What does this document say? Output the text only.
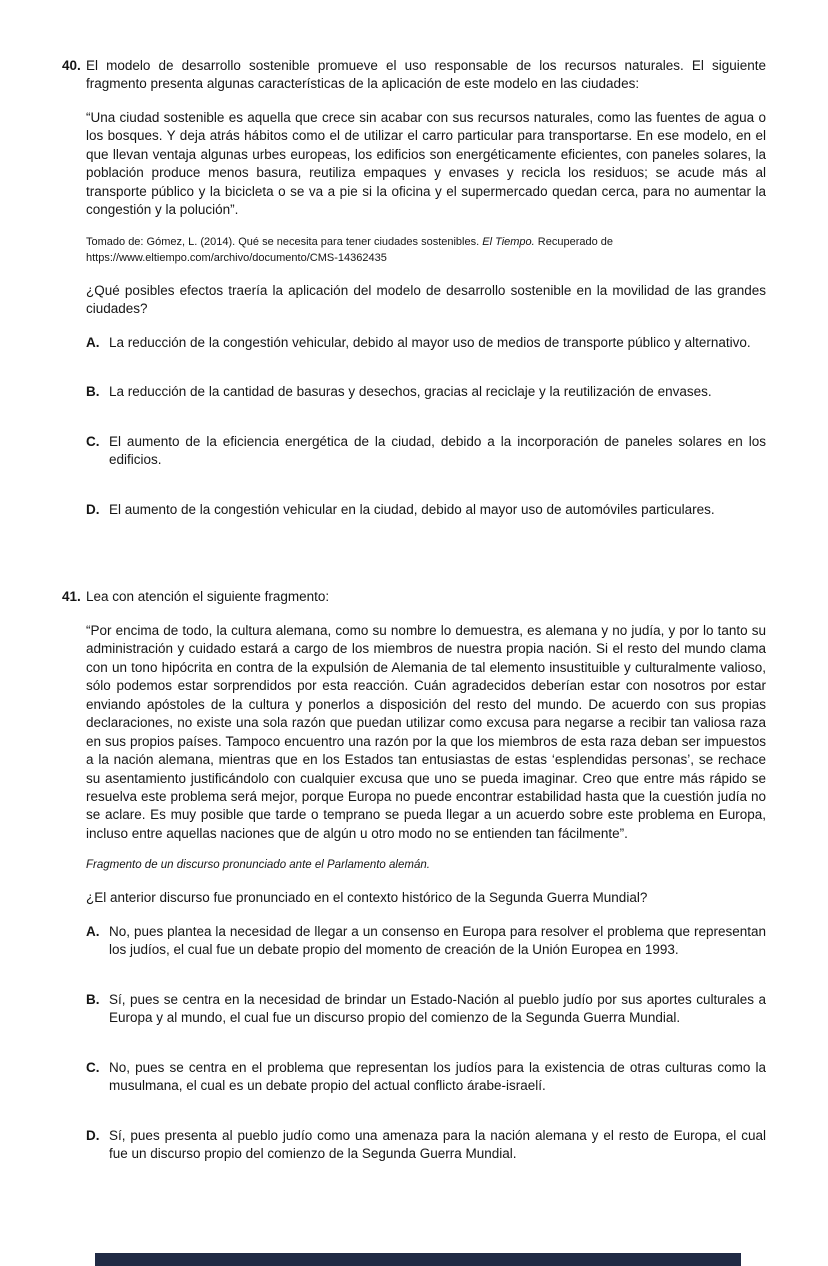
40. El modelo de desarrollo sostenible promueve el uso responsable de los recursos naturales. El siguiente fragmento presenta algunas características de la aplicación de este modelo en las ciudades:

“Una ciudad sostenible es aquella que crece sin acabar con sus recursos naturales, como las fuentes de agua o los bosques. Y deja atrás hábitos como el de utilizar el carro particular para transportarse. En ese modelo, en el que llevan ventaja algunas urbes europeas, los edificios son energéticamente eficientes, con paneles solares, la población produce menos basura, reutiliza empaques y envases y recicla los residuos; se acude más al transporte público y la bicicleta o se va a pie si la oficina y el supermercado quedan cerca, para no aumentar la congestión y la polución”.

Tomado de: Gómez, L. (2014). Qué se necesita para tener ciudades sostenibles. El Tiempo. Recuperado de
https://www.eltiempo.com/archivo/documento/CMS-14362435

¿Qué posibles efectos traería la aplicación del modelo de desarrollo sostenible en la movilidad de las grandes ciudades?

A. La reducción de la congestión vehicular, debido al mayor uso de medios de transporte público y alternativo.

B. La reducción de la cantidad de basuras y desechos, gracias al reciclaje y la reutilización de envases.

C. El aumento de la eficiencia energética de la ciudad, debido a la incorporación de paneles solares en los edificios.

D. El aumento de la congestión vehicular en la ciudad, debido al mayor uso de automóviles particulares.

41. Lea con atención el siguiente fragmento:

“Por encima de todo, la cultura alemana, como su nombre lo demuestra, es alemana y no judía, y por lo tanto su administración y cuidado estará a cargo de los miembros de nuestra propia nación. Si el resto del mundo clama con un tono hipócrita en contra de la expulsión de Alemania de tal elemento insustituible y culturalmente valioso, sólo podemos estar sorprendidos por esta reacción. Cuán agradecidos deberían estar con nosotros por estar enviando apóstoles de la cultura y ponerlos a disposición del resto del mundo. De acuerdo con sus propias declaraciones, no existe una sola razón que puedan utilizar como excusa para negarse a recibir tan valiosa raza en sus propios países. Tampoco encuentro una razón por la que los miembros de esta raza deban ser impuestos a la nación alemana, mientras que en los Estados tan entusiastas de estas ‘esplendidas personas’, se rechace su asentamiento justificándolo con cualquier excusa que uno se pueda imaginar. Creo que entre más rápido se resuelva este problema será mejor, porque Europa no puede encontrar estabilidad hasta que la cuestión judía no se aclare. Es muy posible que tarde o temprano se pueda llegar a un acuerdo sobre este problema en Europa, incluso entre aquellas naciones que de algún u otro modo no se entienden tan fácilmente”.

Fragmento de un discurso pronunciado ante el Parlamento alemán.

¿El anterior discurso fue pronunciado en el contexto histórico de la Segunda Guerra Mundial?

A. No, pues plantea la necesidad de llegar a un consenso en Europa para resolver el problema que representan los judíos, el cual fue un debate propio del momento de creación de la Unión Europea en 1993.

B. Sí, pues se centra en la necesidad de brindar un Estado-Nación al pueblo judío por sus aportes culturales a Europa y al mundo, el cual fue un discurso propio del comienzo de la Segunda Guerra Mundial.

C. No, pues se centra en el problema que representan los judíos para la existencia de otras culturas como la musulmana, el cual es un debate propio del actual conflicto árabe-israelí.

D. Sí, pues presenta al pueblo judío como una amenaza para la nación alemana y el resto de Europa, el cual fue un discurso propio del comienzo de la Segunda Guerra Mundial.
